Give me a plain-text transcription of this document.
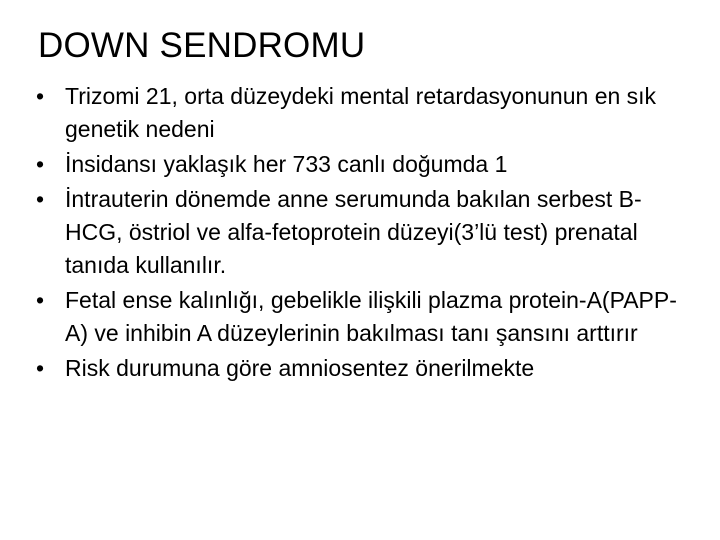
DOWN SENDROMU
• Trizomi 21, orta düzeydeki mental retardasyonunun en sık genetik nedeni
• İnsidansı yaklaşık her 733 canlı doğumda 1
• İntrauterin dönemde anne serumunda bakılan serbest B-HCG, östriol ve alfa-fetoprotein düzeyi(3’lü test) prenatal tanıda kullanılır.
• Fetal ense kalınlığı, gebelikle ilişkili plazma protein-A(PAPP-A) ve inhibin A düzeylerinin bakılması tanı şansını arttırır
• Risk durumuna göre amniosentez önerilmekte
